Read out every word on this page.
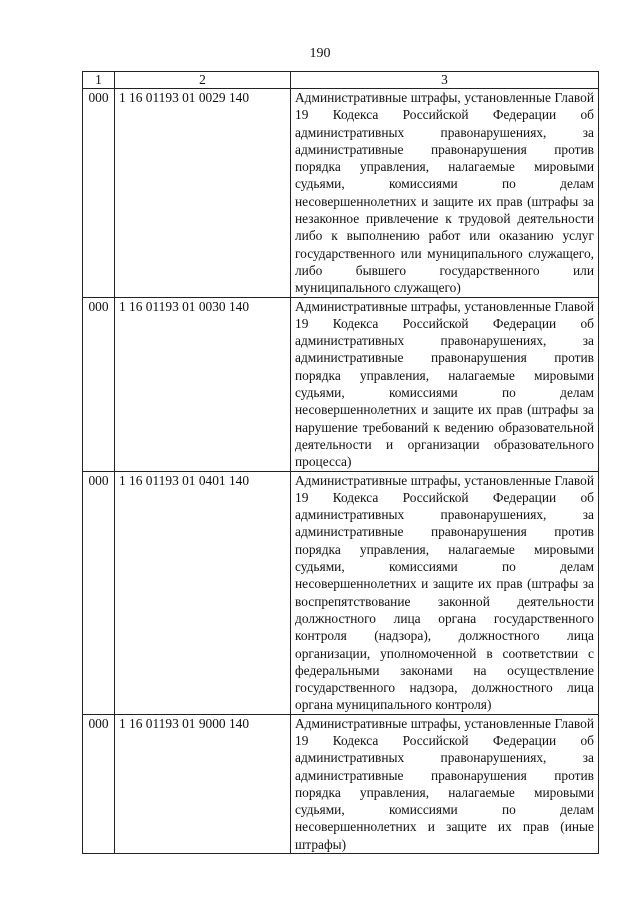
190
1	2	3
000	1 16 01193 01 0029 140	Административные штрафы, установленные Главой 19 Кодекса Российской Федерации об административных правонарушениях, за административные правонарушения против порядка управления, налагаемые мировыми судьями, комиссиями по делам несовершеннолетних и защите их прав (штрафы за незаконное привлечение к трудовой деятельности либо к выполнению работ или оказанию услуг государственного или муниципального служащего, либо бывшего государственного или муниципального служащего)
000	1 16 01193 01 0030 140	Административные штрафы, установленные Главой 19 Кодекса Российской Федерации об административных правонарушениях, за административные правонарушения против порядка управления, налагаемые мировыми судьями, комиссиями по делам несовершеннолетних и защите их прав (штрафы за нарушение требований к ведению образовательной деятельности и организации образовательного процесса)
000	1 16 01193 01 0401 140	Административные штрафы, установленные Главой 19 Кодекса Российской Федерации об административных правонарушениях, за административные правонарушения против порядка управления, налагаемые мировыми судьями, комиссиями по делам несовершеннолетних и защите их прав (штрафы за воспрепятствование законной деятельности должностного лица органа государственного контроля (надзора), должностного лица организации, уполномоченной в соответствии с федеральными законами на осуществление государственного надзора, должностного лица органа муниципального контроля)
000	1 16 01193 01 9000 140	Административные штрафы, установленные Главой 19 Кодекса Российской Федерации об административных правонарушениях, за административные правонарушения против порядка управления, налагаемые мировыми судьями, комиссиями по делам несовершеннолетних и защите их прав (иные штрафы)
